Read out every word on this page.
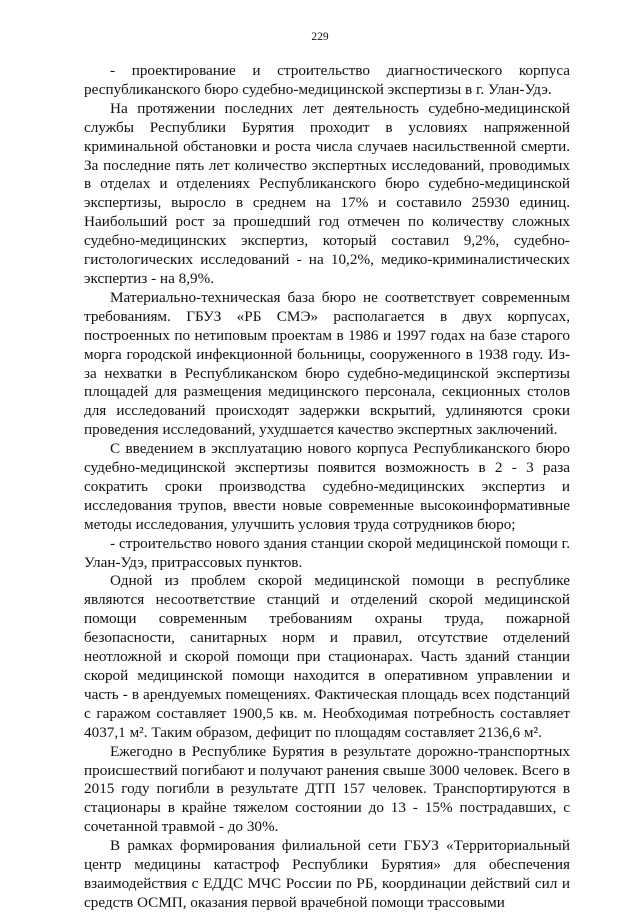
229

- проектирование и строительство диагностического корпуса республиканского бюро судебно-медицинской экспертизы в г. Улан-Удэ.

На протяжении последних лет деятельность судебно-медицинской службы Республики Бурятия проходит в условиях напряженной криминальной обстановки и роста числа случаев насильственной смерти. За последние пять лет количество экспертных исследований, проводимых в отделах и отделениях Республиканского бюро судебно-медицинской экспертизы, выросло в среднем на 17% и составило 25930 единиц. Наибольший рост за прошедший год отмечен по количеству сложных судебно-медицинских экспертиз, который составил 9,2%, судебно-гистологических исследований - на 10,2%, медико-криминалистических экспертиз - на 8,9%.

Материально-техническая база бюро не соответствует современным требованиям. ГБУЗ «РБ СМЭ» располагается в двух корпусах, построенных по нетиповым проектам в 1986 и 1997 годах на базе старого морга городской инфекционной больницы, сооруженного в 1938 году. Из-за нехватки в Республиканском бюро судебно-медицинской экспертизы площадей для размещения медицинского персонала, секционных столов для исследований происходят задержки вскрытий, удлиняются сроки проведения исследований, ухудшается качество экспертных заключений.

С введением в эксплуатацию нового корпуса Республиканского бюро судебно-медицинской экспертизы появится возможность в 2 - 3 раза сократить сроки производства судебно-медицинских экспертиз и исследования трупов, ввести новые современные высокоинформативные методы исследования, улучшить условия труда сотрудников бюро;

- строительство нового здания станции скорой медицинской помощи г. Улан-Удэ, притрассовых пунктов.

Одной из проблем скорой медицинской помощи в республике являются несоответствие станций и отделений скорой медицинской помощи современным требованиям охраны труда, пожарной безопасности, санитарных норм и правил, отсутствие отделений неотложной и скорой помощи при стационарах. Часть зданий станции скорой медицинской помощи находится в оперативном управлении и часть - в арендуемых помещениях. Фактическая площадь всех подстанций с гаражом составляет 1900,5 кв. м. Необходимая потребность составляет 4037,1 м². Таким образом, дефицит по площадям составляет 2136,6 м².

Ежегодно в Республике Бурятия в результате дорожно-транспортных происшествий погибают и получают ранения свыше 3000 человек. Всего в 2015 году погибли в результате ДТП 157 человек. Транспортируются в стационары в крайне тяжелом состоянии до 13 - 15% пострадавших, с сочетанной травмой - до 30%.

В рамках формирования филиальной сети ГБУЗ «Территориальный центр медицины катастроф Республики Бурятия» для обеспечения взаимодействия с ЕДДС МЧС России по РБ, координации действий сил и средств ОСМП, оказания первой врачебной помощи трассовыми
